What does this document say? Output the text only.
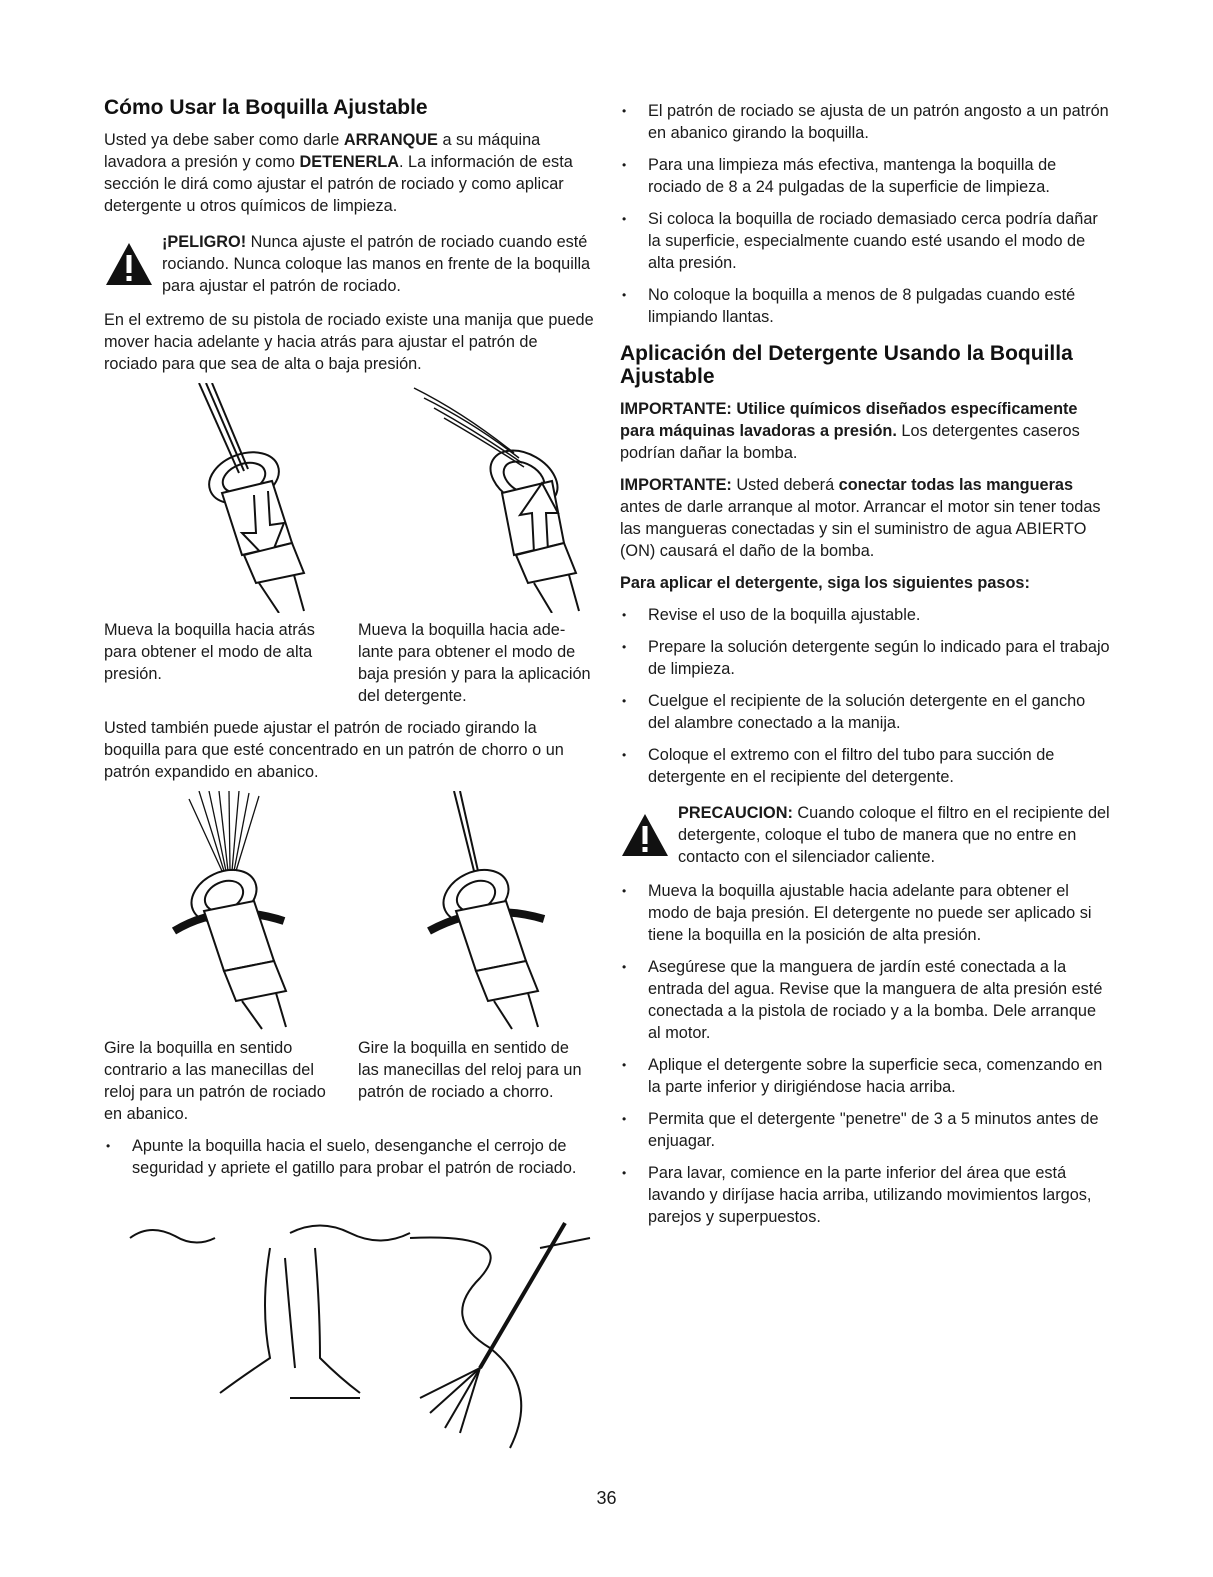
Cómo Usar la Boquilla Ajustable

Usted ya debe saber como darle ARRANQUE a su máquina lavadora a presión y como DETENERLA. La información de esta sección le dirá como ajustar el patrón de rociado y como aplicar detergente u otros químicos de limpieza.

¡PELIGRO! Nunca ajuste el patrón de rociado cuando esté rociando. Nunca coloque las manos en frente de la boquilla para ajustar el patrón de rociado.

En el extremo de su pistola de rociado existe una manija que puede mover hacia adelante y hacia atrás para ajustar el patrón de rociado para que sea de alta o baja presión.

Mueva la boquilla hacia atrás para obtener el modo de alta presión.

Mueva la boquilla hacia ade- lante para obtener el modo de baja presión y para la aplicación del detergente.

Usted también puede ajustar el patrón de rociado girando la boquilla para que esté concentrado en un patrón de chorro o un patrón expandido en abanico.

Gire la boquilla en sentido contrario a las manecillas del reloj para un patrón de rociado en abanico.

Gire la boquilla en sentido de las manecillas del reloj para un patrón de rociado a chorro.

• Apunte la boquilla hacia el suelo, desenganche el cerrojo de seguridad y apriete el gatillo para probar el patrón de rociado.
• El patrón de rociado se ajusta de un patrón angosto a un patrón en abanico girando la boquilla.
• Para una limpieza más efectiva, mantenga la boquilla de rociado de 8 a 24 pulgadas de la superficie de limpieza.
• Si coloca la boquilla de rociado demasiado cerca podría dañar la superficie, especialmente cuando esté usando el modo de alta presión.
• No coloque la boquilla a menos de 8 pulgadas cuando esté limpiando llantas.
Aplicación del Detergente Usando la Boquilla Ajustable

IMPORTANTE: Utilice químicos diseñados específicamente para máquinas lavadoras a presión. Los detergentes caseros podrían dañar la bomba.

IMPORTANTE: Usted deberá conectar todas las mangueras antes de darle arranque al motor. Arrancar el motor sin tener todas las mangueras conectadas y sin el suministro de agua ABIERTO (ON) causará el daño de la bomba.

Para aplicar el detergente, siga los siguientes pasos:

• Revise el uso de la boquilla ajustable.
• Prepare la solución detergente según lo indicado para el trabajo de limpieza.
• Cuelgue el recipiente de la solución detergente en el gancho del alambre conectado a la manija.
• Coloque el extremo con el filtro del tubo para succión de detergente en el recipiente del detergente.

PRECAUCION: Cuando coloque el filtro en el recipiente del detergente, coloque el tubo de manera que no entre en contacto con el silenciador caliente.

• Mueva la boquilla ajustable hacia adelante para obtener el modo de baja presión. El detergente no puede ser aplicado si tiene la boquilla en la posición de alta presión.
• Asegúrese que la manguera de jardín esté conectada a la entrada del agua. Revise que la manguera de alta presión esté conectada a la pistola de rociado y a la bomba. Dele arranque al motor.
• Aplique el detergente sobre la superficie seca, comenzando en la parte inferior y dirigiéndose hacia arriba.
• Permita que el detergente "penetre" de 3 a 5 minutos antes de enjuagar.
• Para lavar, comience en la parte inferior del área que está lavando y diríjase hacia arriba, utilizando movimientos largos, parejos y superpuestos.
36
